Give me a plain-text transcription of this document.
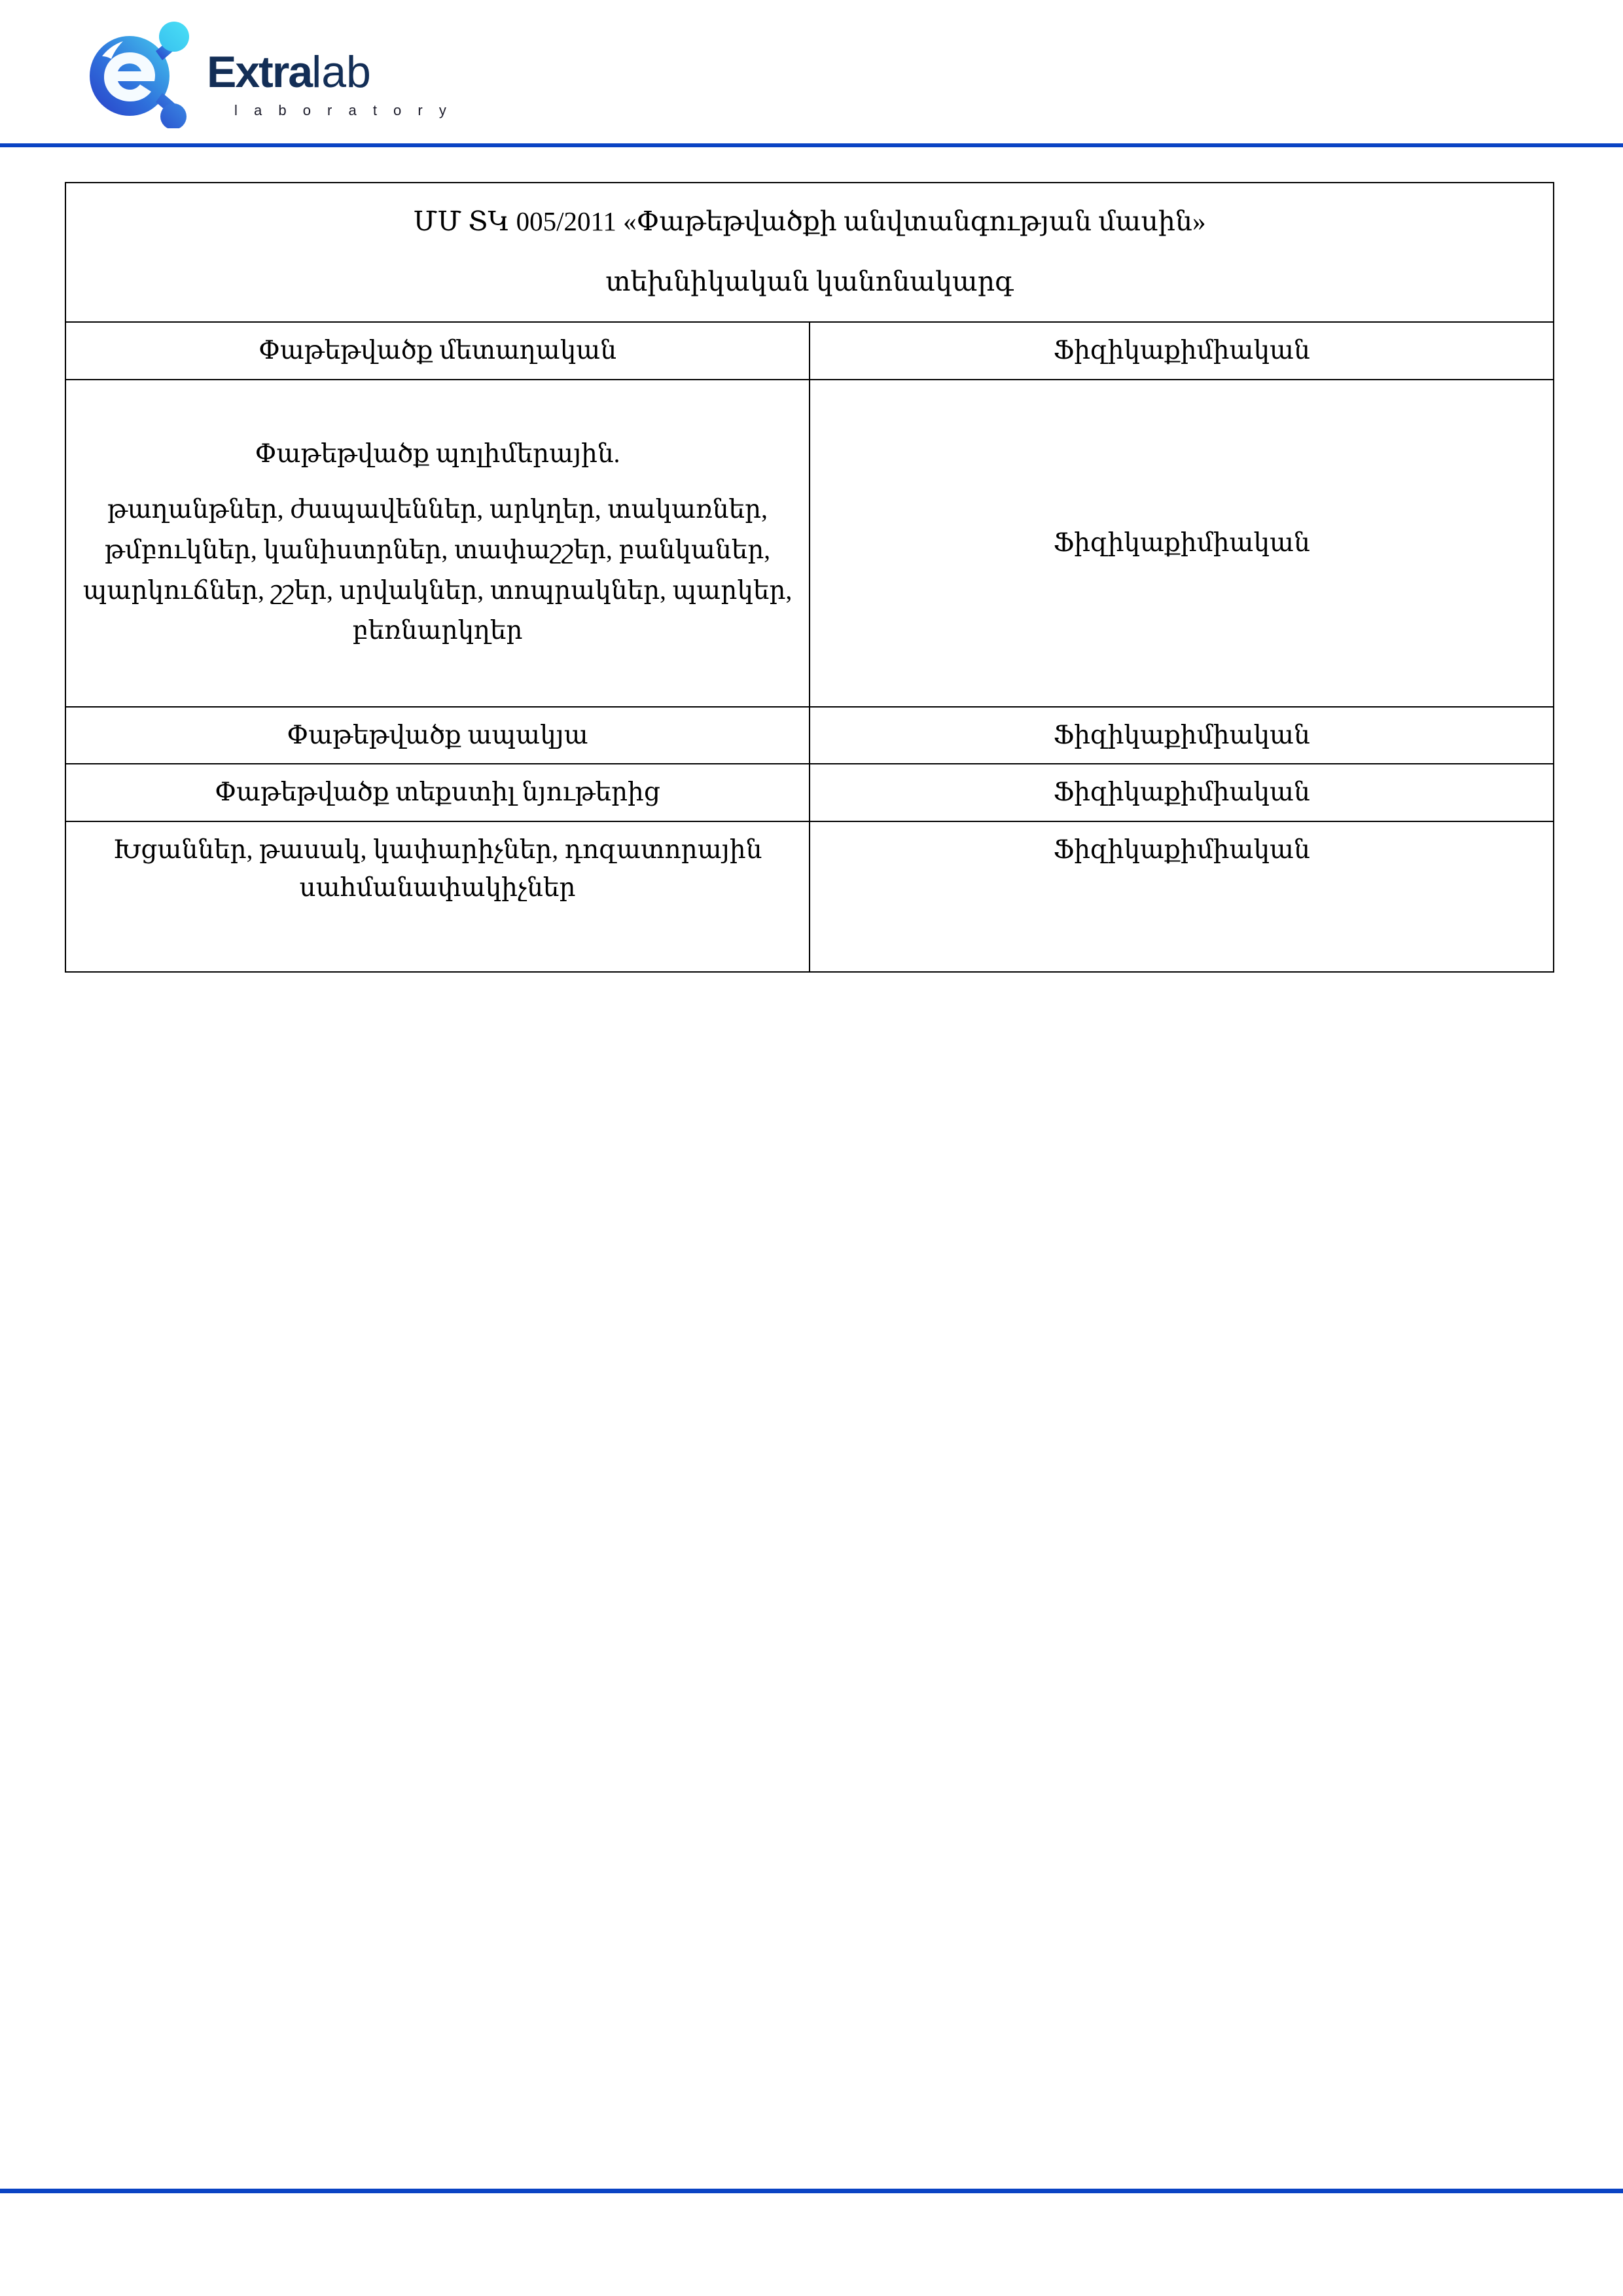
Extra lab
l a b o r a t o r y
ՄՄ ՏԿ 005/2011 «Փաթեթվածքի անվտանգության մասին»
տեխնիկական կանոնակարգ	

Փաթեթվածք մետաղական	Ֆիզիկաքիմիական

Փաթեթվածք պոլիմերային.
թաղանթներ, ժապավեններ, արկղեր, տակառներ, թմբուկներ, կանիստրներ, տափաշշեր, բանկաներ, պարկուճներ, շշեր, սրվակներ, տոպրակներ, պարկեր, բեռնարկղեր	Ֆիզիկաքիմիական
Փաթեթվածք ապակյա	Ֆիզիկաքիմիական
Փաթեթվածք տեքստիլ նյութերից	Ֆիզիկաքիմիական
Խցաններ, թասակ, կափարիչներ, դոզատորային սահմանափակիչներ	Ֆիզիկաքիմիական
